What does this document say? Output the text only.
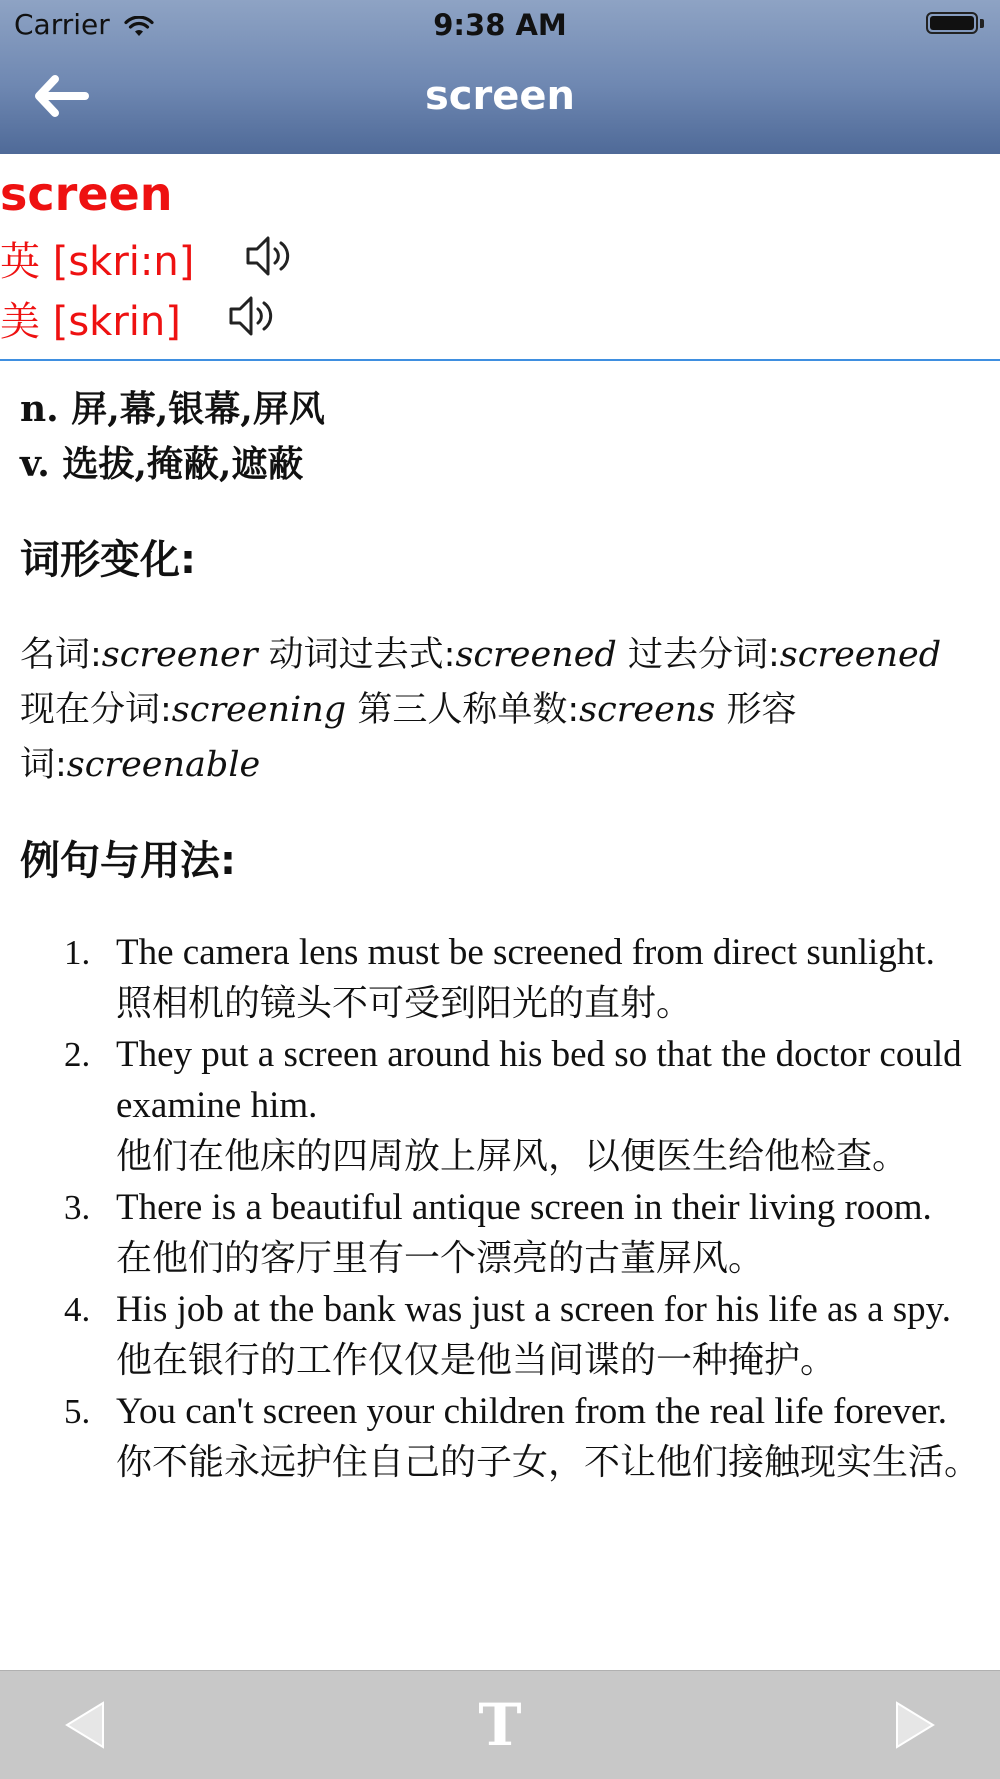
Carrier	9:38 AM
screen
screen
英 [skri:n]
美 [skrin]
n. 屏,幕,银幕,屏风
v. 选拔,掩蔽,遮蔽
词形变化:
名词:screener 动词过去式:screened 过去分词:screened 现在分词:screening 第三人称单数:screens 形容词:screenable
例句与用法:
1. The camera lens must be screened from direct sunlight.
照相机的镜头不可受到阳光的直射。
2. They put a screen around his bed so that the doctor could examine him.
他们在他床的四周放上屏风，以便医生给他检查。
3. There is a beautiful antique screen in their living room.
在他们的客厅里有一个漂亮的古董屏风。
4. His job at the bank was just a screen for his life as a spy.
他在银行的工作仅仅是他当间谍的一种掩护。
5. You can't screen your children from the real life forever.
你不能永远护住自己的子女，不让他们接触现实生活。
T
